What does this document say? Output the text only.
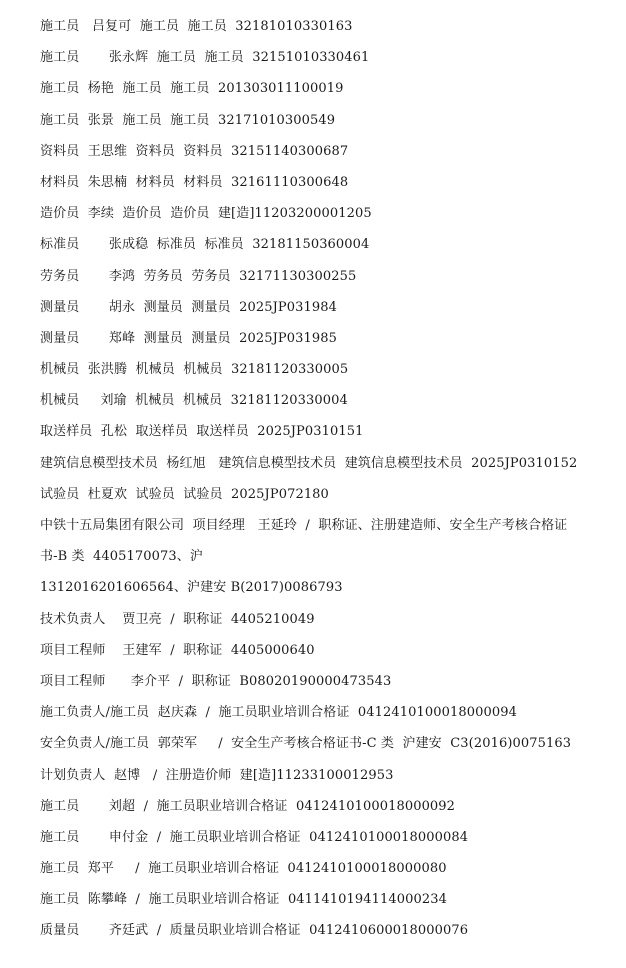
施工员   吕复可  施工员  施工员  32181010330163
施工员       张永辉  施工员  施工员  32151010330461
施工员  杨艳  施工员  施工员  201303011100019
施工员  张景  施工员  施工员  32171010300549
资料员  王思维  资料员  资料员  32151140300687
材料员  朱思楠  材料员  材料员  32161110300648
造价员  李续  造价员  造价员  建[造]11203200001205
标准员       张成稳  标准员  标准员  32181150360004
劳务员       李鸿  劳务员  劳务员  32171130300255
测量员       胡永  测量员  测量员  2025JP031984
测量员       郑峰  测量员  测量员  2025JP031985
机械员  张洪腾  机械员  机械员  32181120330005
机械员     刘瑜  机械员  机械员  32181120330004
取送样员  孔松  取送样员  取送样员  2025JP0310151
建筑信息模型技术员  杨红旭   建筑信息模型技术员  建筑信息模型技术员  2025JP0310152
试验员  杜夏欢  试验员  试验员  2025JP072180
中铁十五局集团有限公司  项目经理   王延玲  /  职称证、注册建造师、安全生产考核合格证
书-B 类  4405170073、沪
1312016201606564、沪建安 B(2017)0086793
技术负责人    贾卫亮  /  职称证  4405210049
项目工程师    王建军  /  职称证  4405000640
项目工程师      李介平  /  职称证  B08020190000473543
施工负责人/施工员  赵庆森  /  施工员职业培训合格证  0412410100018000094
安全负责人/施工员  郭荣军     /  安全生产考核合格证书-C 类  沪建安  C3(2016)0075163
计划负责人  赵博   /  注册造价师  建[造]11233100012953
施工员       刘超  /  施工员职业培训合格证  0412410100018000092
施工员       申付金  /  施工员职业培训合格证  0412410100018000084
施工员  郑平     /  施工员职业培训合格证  0412410100018000080
施工员  陈攀峰  /  施工员职业培训合格证  0411410194114000234
质量员       齐廷武  /  质量员职业培训合格证  0412410600018000076
